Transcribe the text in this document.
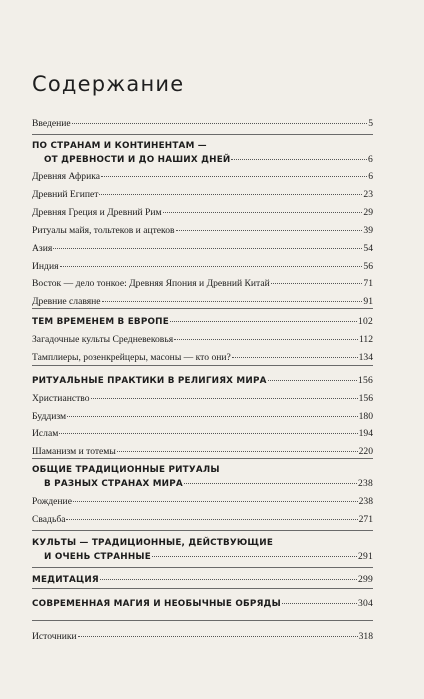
Содержание
Введение	5
ПО СТРАНАМ И КОНТИНЕНТАМ —
ОТ ДРЕВНОСТИ И ДО НАШИХ ДНЕЙ	6
Древняя Африка	6
Древний Египет	23
Древняя Греция и Древний Рим	29
Ритуалы майя, тольтеков и ацтеков	39
Азия	54
Индия	56
Восток — дело тонкое: Древняя Япония и Древний Китай	71
Древние славяне	91
ТЕМ ВРЕМЕНЕМ В ЕВРОПЕ	102
Загадочные культы Средневековья	112
Тамплиеры, розенкрейцеры, масоны — кто они?	134
РИТУАЛЬНЫЕ ПРАКТИКИ В РЕЛИГИЯХ МИРА	156
Христианство	156
Буддизм	180
Ислам	194
Шаманизм и тотемы	220
ОБЩИЕ ТРАДИЦИОННЫЕ РИТУАЛЫ
В РАЗНЫХ СТРАНАХ МИРА	238
Рождение	238
Свадьба	271
КУЛЬТЫ — ТРАДИЦИОННЫЕ, ДЕЙСТВУЮЩИЕ
И ОЧЕНЬ СТРАННЫЕ	291
МЕДИТАЦИЯ	299
СОВРЕМЕННАЯ МАГИЯ И НЕОБЫЧНЫЕ ОБРЯДЫ	304
Источники	318
